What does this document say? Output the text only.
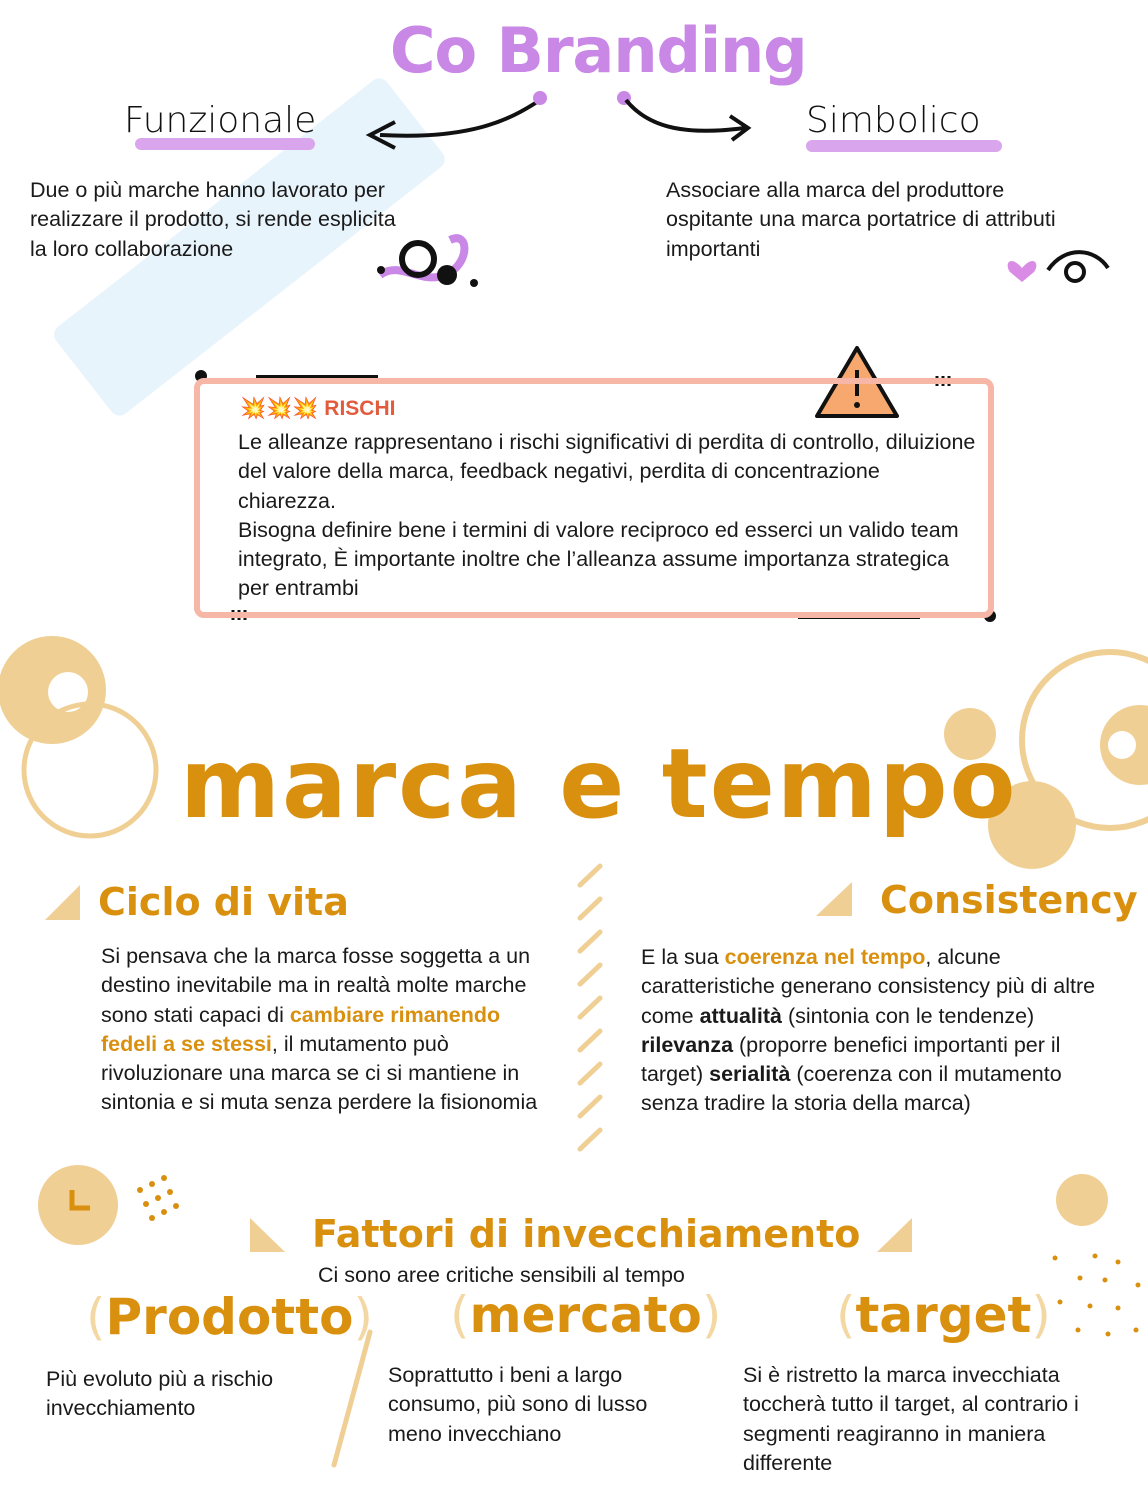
Co Branding
Funzionale	Simbolico
Due o più marche hanno lavorato per realizzare il prodotto, si rende esplicita la loro collaborazione
Associare alla marca del produttore ospitante una marca portatrice di attributi importanti
💥💥💥 RISCHI
Le alleanze rappresentano i rischi significativi di perdita di controllo, diluizione del valore della marca, feedback negativi, perdita di concentrazione chiarezza.
Bisogna definire bene i termini di valore reciproco ed esserci un valido team integrato, È importante inoltre che l’alleanza assume importanza strategica per entrambi
marca e tempo
Ciclo di vita	Consistency
Si pensava che la marca fosse soggetta a un destino inevitabile ma in realtà molte marche sono stati capaci di cambiare rimanendo fedeli a se stessi, il mutamento può rivoluzionare una marca se ci si mantiene in sintonia e si muta senza perdere la fisionomia
E la sua coerenza nel tempo, alcune caratteristiche generano consistency più di altre come attualità (sintonia con le tendenze) rilevanza (proporre benefici importanti per il target) serialità (coerenza con il mutamento senza tradire la storia della marca)
Fattori di invecchiamento
Ci sono aree critiche sensibili al tempo
(Prodotto) (mercato) (target)
Più evoluto più a rischio invecchiamento
Soprattutto i beni a largo consumo, più sono di lusso meno invecchiano
Si è ristretto la marca invecchiata toccherà tutto il target, al contrario i segmenti reagiranno in maniera differente
